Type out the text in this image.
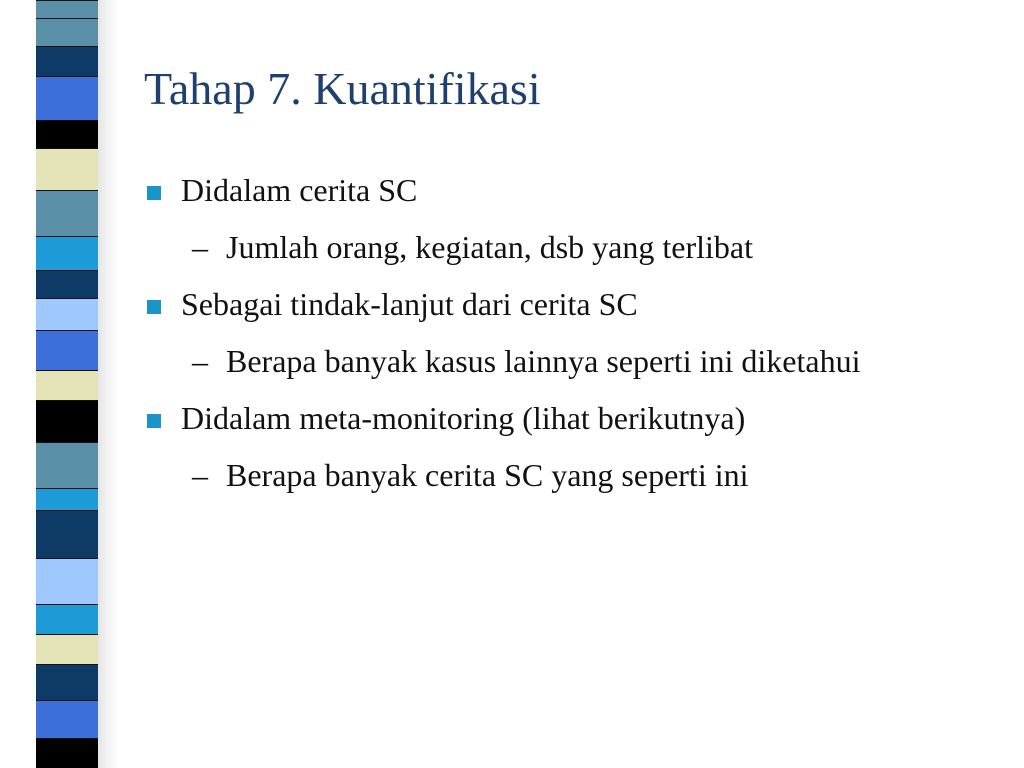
Tahap 7. Kuantifikasi
Didalam cerita SC
– Jumlah orang, kegiatan, dsb yang terlibat
Sebagai tindak-lanjut dari cerita SC
– Berapa banyak kasus lainnya seperti ini diketahui
Didalam meta-monitoring (lihat berikutnya)
– Berapa banyak cerita SC yang seperti ini
